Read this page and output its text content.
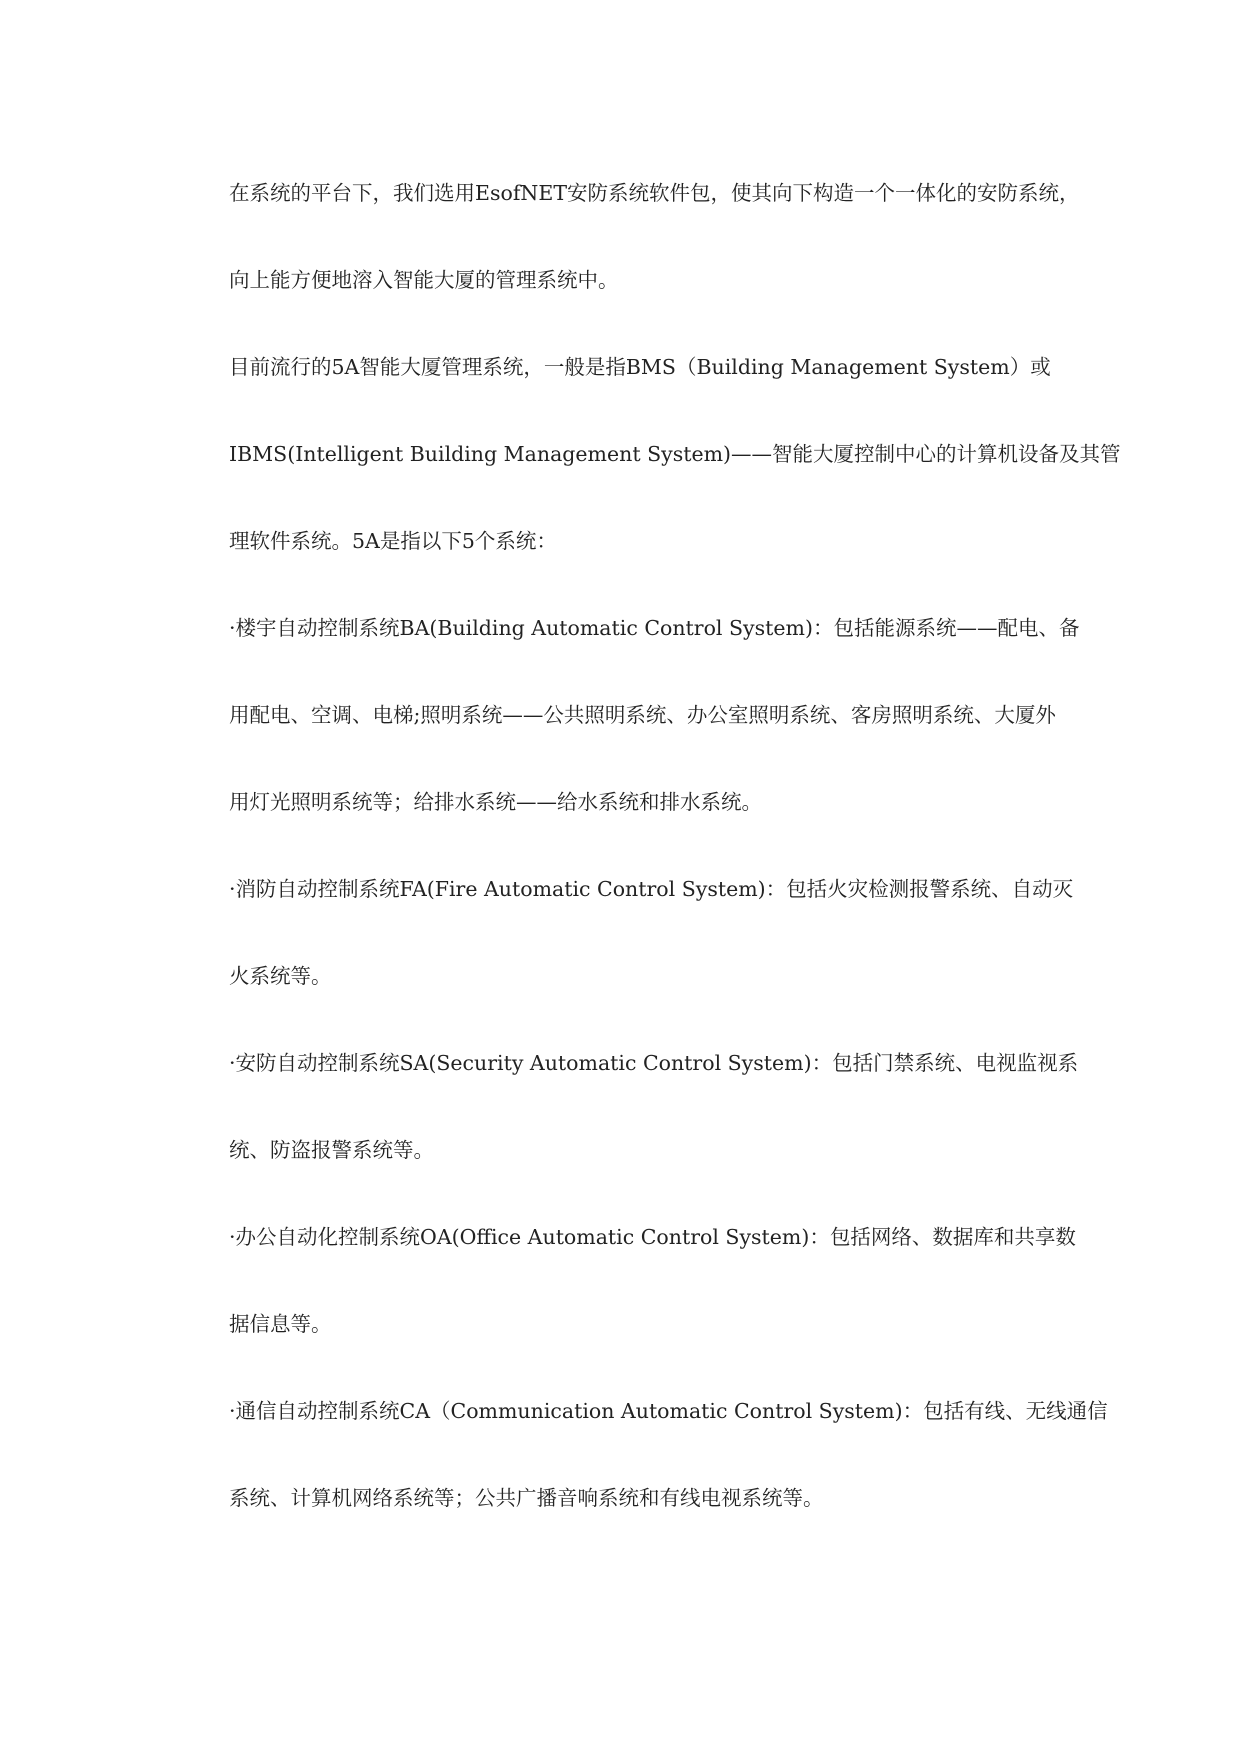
在系统的平台下，我们选用EsofNET安防系统软件包，使其向下构造一个一体化的安防系统，
向上能方便地溶入智能大厦的管理系统中。
目前流行的5A智能大厦管理系统，一般是指BMS（Building Management System）或
IBMS(Intelligent Building Management System)——智能大厦控制中心的计算机设备及其管
理软件系统。5A是指以下5个系统：
·楼宇自动控制系统BA(Building Automatic Control System)：包括能源系统——配电、备
用配电、空调、电梯;照明系统——公共照明系统、办公室照明系统、客房照明系统、大厦外
用灯光照明系统等；给排水系统——给水系统和排水系统。
·消防自动控制系统FA(Fire Automatic Control System)：包括火灾检测报警系统、自动灭
火系统等。
·安防自动控制系统SA(Security Automatic Control System)：包括门禁系统、电视监视系
统、防盗报警系统等。
·办公自动化控制系统OA(Office Automatic Control System)：包括网络、数据库和共享数
据信息等。
·通信自动控制系统CA（Communication Automatic Control System)：包括有线、无线通信
系统、计算机网络系统等；公共广播音响系统和有线电视系统等。
